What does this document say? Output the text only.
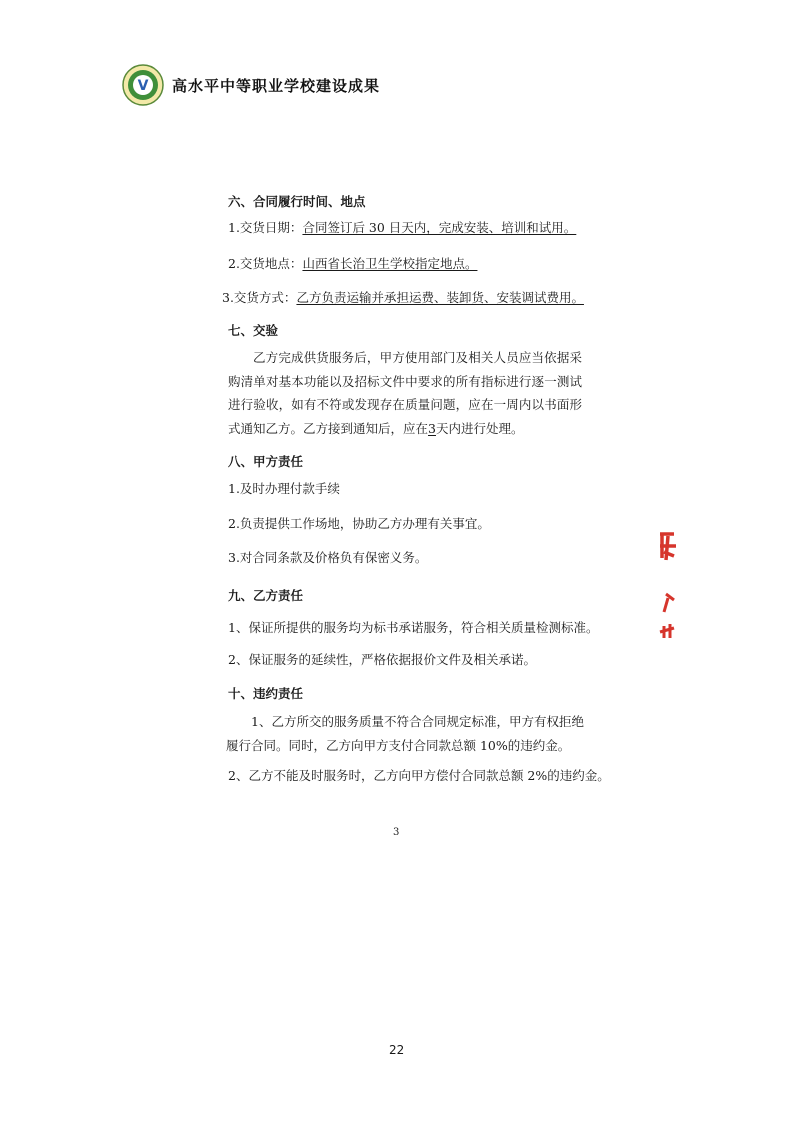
V 高水平中等职业学校建设成果
六、合同履行时间、地点
1.交货日期：合同签订后 30 日天内，完成安装、培训和试用。
2.交货地点：山西省长治卫生学校指定地点。
3.交货方式：乙方负责运输并承担运费、装卸货、安装调试费用。
七、交验
乙方完成供货服务后，甲方使用部门及相关人员应当依据采购清单对基本功能以及招标文件中要求的所有指标进行逐一测试进行验收，如有不符或发现存在质量问题，应在一周内以书面形式通知乙方。乙方接到通知后，应在3天内进行处理。
八、甲方责任
1.及时办理付款手续
2.负责提供工作场地，协助乙方办理有关事宜。
3.对合同条款及价格负有保密义务。
九、乙方责任
1、保证所提供的服务均为标书承诺服务，符合相关质量检测标准。
2、保证服务的延续性，严格依据报价文件及相关承诺。
十、违约责任
1、乙方所交的服务质量不符合合同规定标准，甲方有权拒绝履行合同。同时，乙方向甲方支付合同款总额 10%的违约金。
2、乙方不能及时服务时，乙方向甲方偿付合同款总额 2%的违约金。
3
22
